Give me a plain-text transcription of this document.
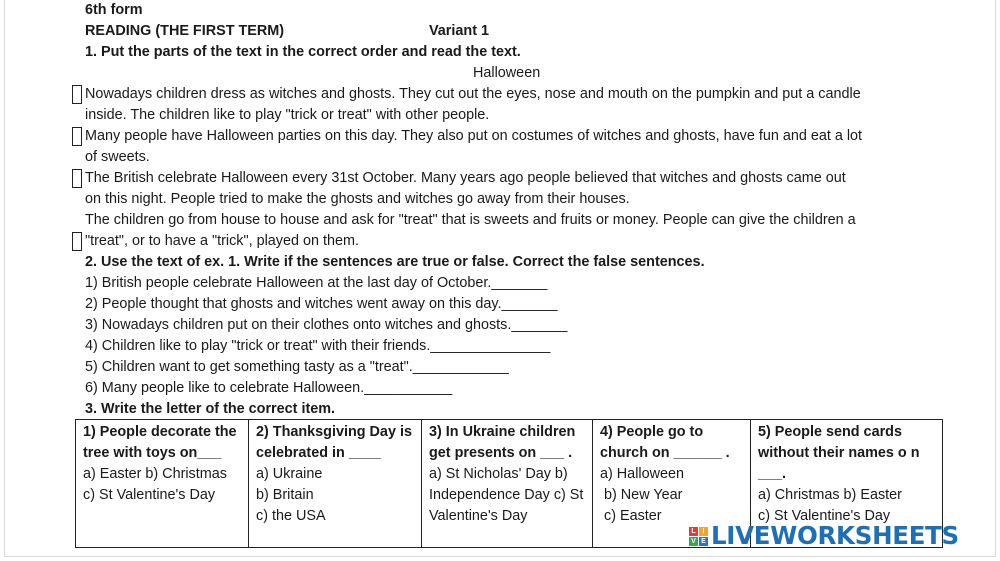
6th form
READING (THE FIRST TERM)	Variant 1
1. Put the parts of the text in the correct order and read the text.
Halloween
Nowadays children dress as witches and ghosts. They cut out the eyes, nose and mouth on the pumpkin and put a candle
inside. The children like to play "trick or treat" with other people.
Many people have Halloween parties on this day. They also put on costumes of witches and ghosts, have fun and eat a lot
of sweets.
The British celebrate Halloween every 31st October. Many years ago people believed that witches and ghosts came out
on this night. People tried to make the ghosts and witches go away from their houses.
The children go from house to house and ask for "treat" that is sweets and fruits or money. People can give the children a
"treat", or to have a "trick", played on them.
2. Use the text of ex. 1. Write if the sentences are true or false. Correct the false sentences.
1) British people celebrate Halloween at the last day of October._______
2) People thought that ghosts and witches went away on this day._______
3) Nowadays children put on their clothes onto witches and ghosts._______
4) Children like to play "trick or treat" with their friends._______________
5) Children want to get something tasty as a "treat".____________
6) Many people like to celebrate Halloween.___________
3. Write the letter of the correct item.
1) People decorate the tree with toys on___
a) Easter b) Christmas
c) St Valentine's Day

2) Thanksgiving Day is celebrated in ____
a) Ukraine
b) Britain
c) the USA

3) In Ukraine children get presents on ___ .
a) St Nicholas' Day b) Independence Day c) St Valentine's Day

4) People go to church on ______ .
a) Halloween
b) New Year
c) Easter

5) People send cards without their names o n ___.
a) Christmas b) Easter
c) St Valentine's Day
L I
V E LIVEWORKSHEETS
